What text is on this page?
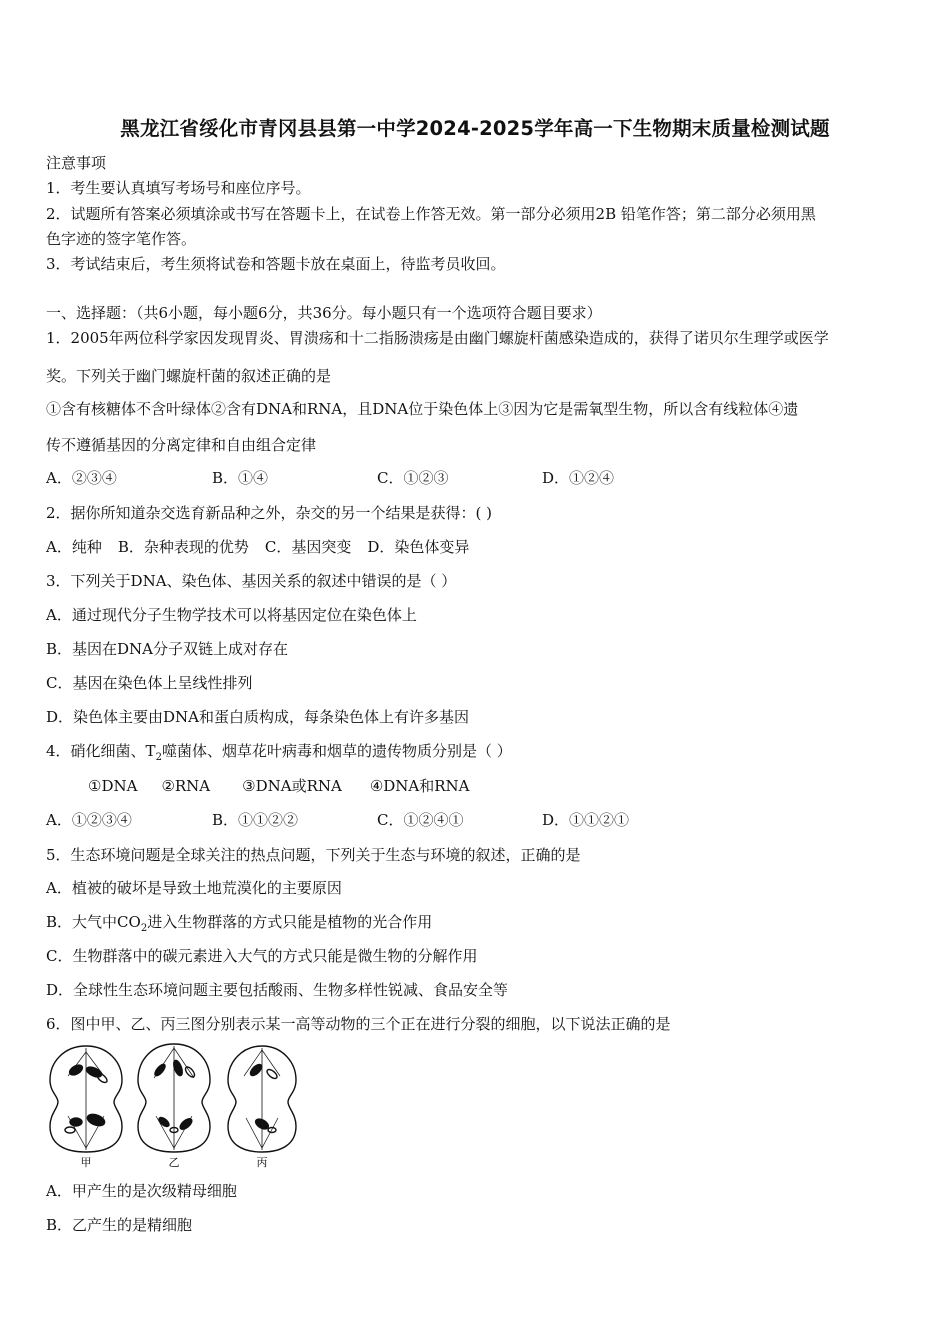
黑龙江省绥化市青冈县县第一中学2024-2025学年高一下生物期末质量检测试题
注意事项
1．考生要认真填写考场号和座位序号。
2．试题所有答案必须填涂或书写在答题卡上，在试卷上作答无效。第一部分必须用2B 铅笔作答；第二部分必须用黑
色字迹的签字笔作答。
3．考试结束后，考生须将试卷和答题卡放在桌面上，待监考员收回。
一、选择题：（共6小题，每小题6分，共36分。每小题只有一个选项符合题目要求）
1．2005年两位科学家因发现胃炎、胃溃疡和十二指肠溃疡是由幽门螺旋杆菌感染造成的，获得了诺贝尔生理学或医学
奖。下列关于幽门螺旋杆菌的叙述正确的是
①含有核糖体不含叶绿体②含有DNA和RNA，且DNA位于染色体上③因为它是需氧型生物，所以含有线粒体④遗
传不遵循基因的分离定律和自由组合定律
A．②③④	B．①④	C．①②③	D．①②④
2．据你所知道杂交选育新品种之外，杂交的另一个结果是获得：( )
A．纯种 B．杂种表现的优势 C．基因突变 D．染色体变异
3．下列关于DNA、染色体、基因关系的叙述中错误的是（ ）
A．通过现代分子生物学技术可以将基因定位在染色体上
B．基因在DNA分子双链上成对存在
C．基因在染色体上呈线性排列
D．染色体主要由DNA和蛋白质构成，每条染色体上有许多基因
4．硝化细菌、$T_2$噬菌体、烟草花叶病毒和烟草的遗传物质分别是（ ）
①DNA ②RNA ③DNA或RNA ④DNA和RNA
A．①②③④	B．①①②②	C．①②④①	D．①①②①
5．生态环境问题是全球关注的热点问题，下列关于生态与环境的叙述，正确的是
A．植被的破坏是导致土地荒漠化的主要原因
B．大气中$CO_2$进入生物群落的方式只能是植物的光合作用
C．生物群落中的碳元素进入大气的方式只能是微生物的分解作用
D．全球性生态环境问题主要包括酸雨、生物多样性锐减、食品安全等
6．图中甲、乙、丙三图分别表示某一高等动物的三个正在进行分裂的细胞，以下说法正确的是
甲	乙	丙
A．甲产生的是次级精母细胞
B．乙产生的是精细胞
